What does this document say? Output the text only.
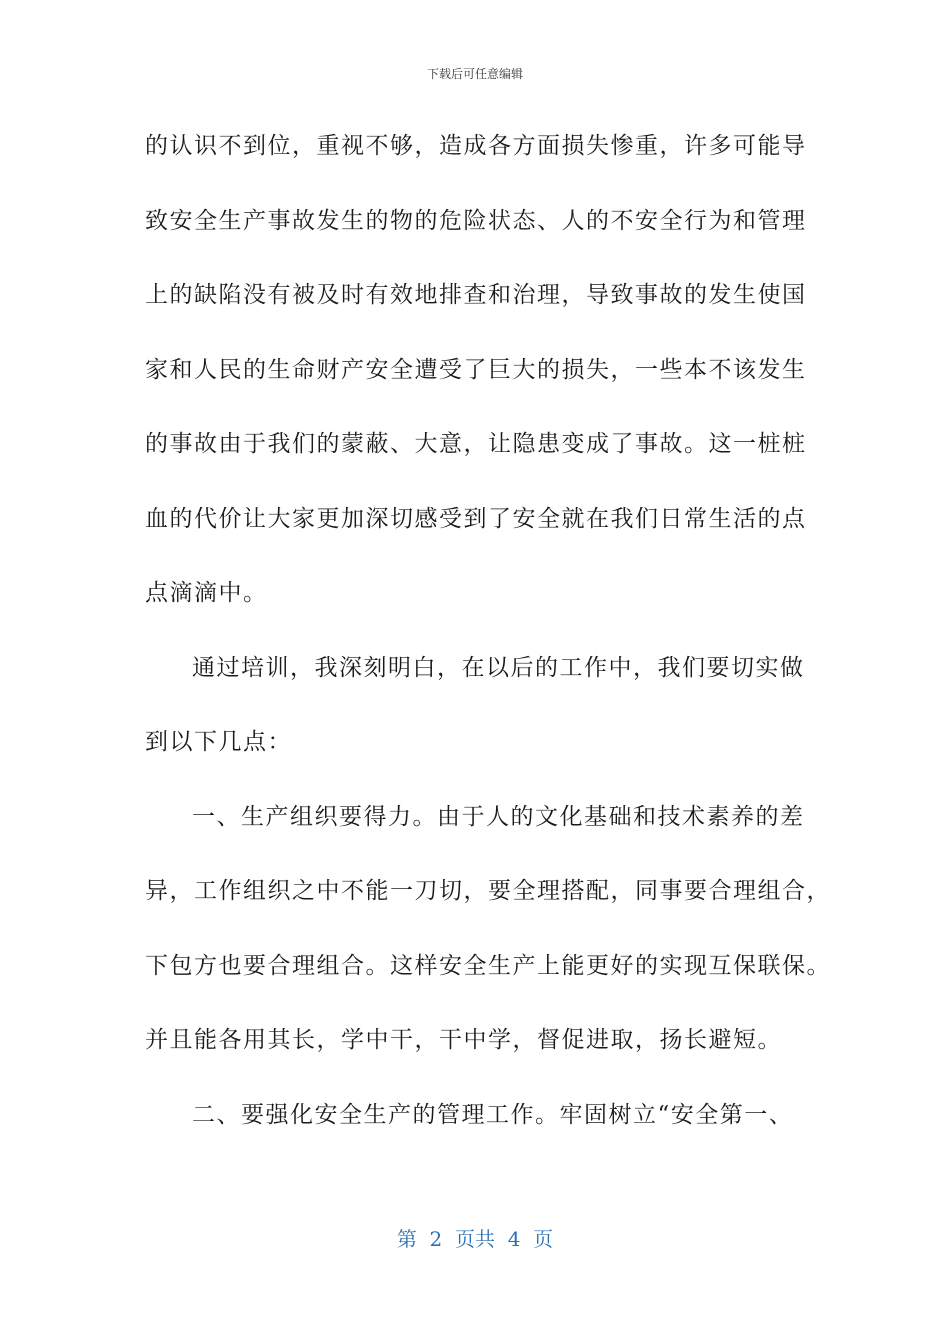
下载后可任意编辑
的认识不到位，重视不够，造成各方面损失惨重，许多可能导
致安全生产事故发生的物的危险状态、人的不安全行为和管理
上的缺陷没有被及时有效地排查和治理，导致事故的发生使国
家和人民的生命财产安全遭受了巨大的损失，一些本不该发生
的事故由于我们的蒙蔽、大意，让隐患变成了事故。这一桩桩
血的代价让大家更加深切感受到了安全就在我们日常生活的点
点滴滴中。
通过培训，我深刻明白，在以后的工作中，我们要切实做
到以下几点：
一、生产组织要得力。由于人的文化基础和技术素养的差
异，工作组织之中不能一刀切，要全理搭配，同事要合理组合，
下包方也要合理组合。这样安全生产上能更好的实现互保联保。
并且能各用其长，学中干，干中学，督促进取，扬长避短。
二、要强化安全生产的管理工作。牢固树立“安全第一、
第  2  页共  4  页
